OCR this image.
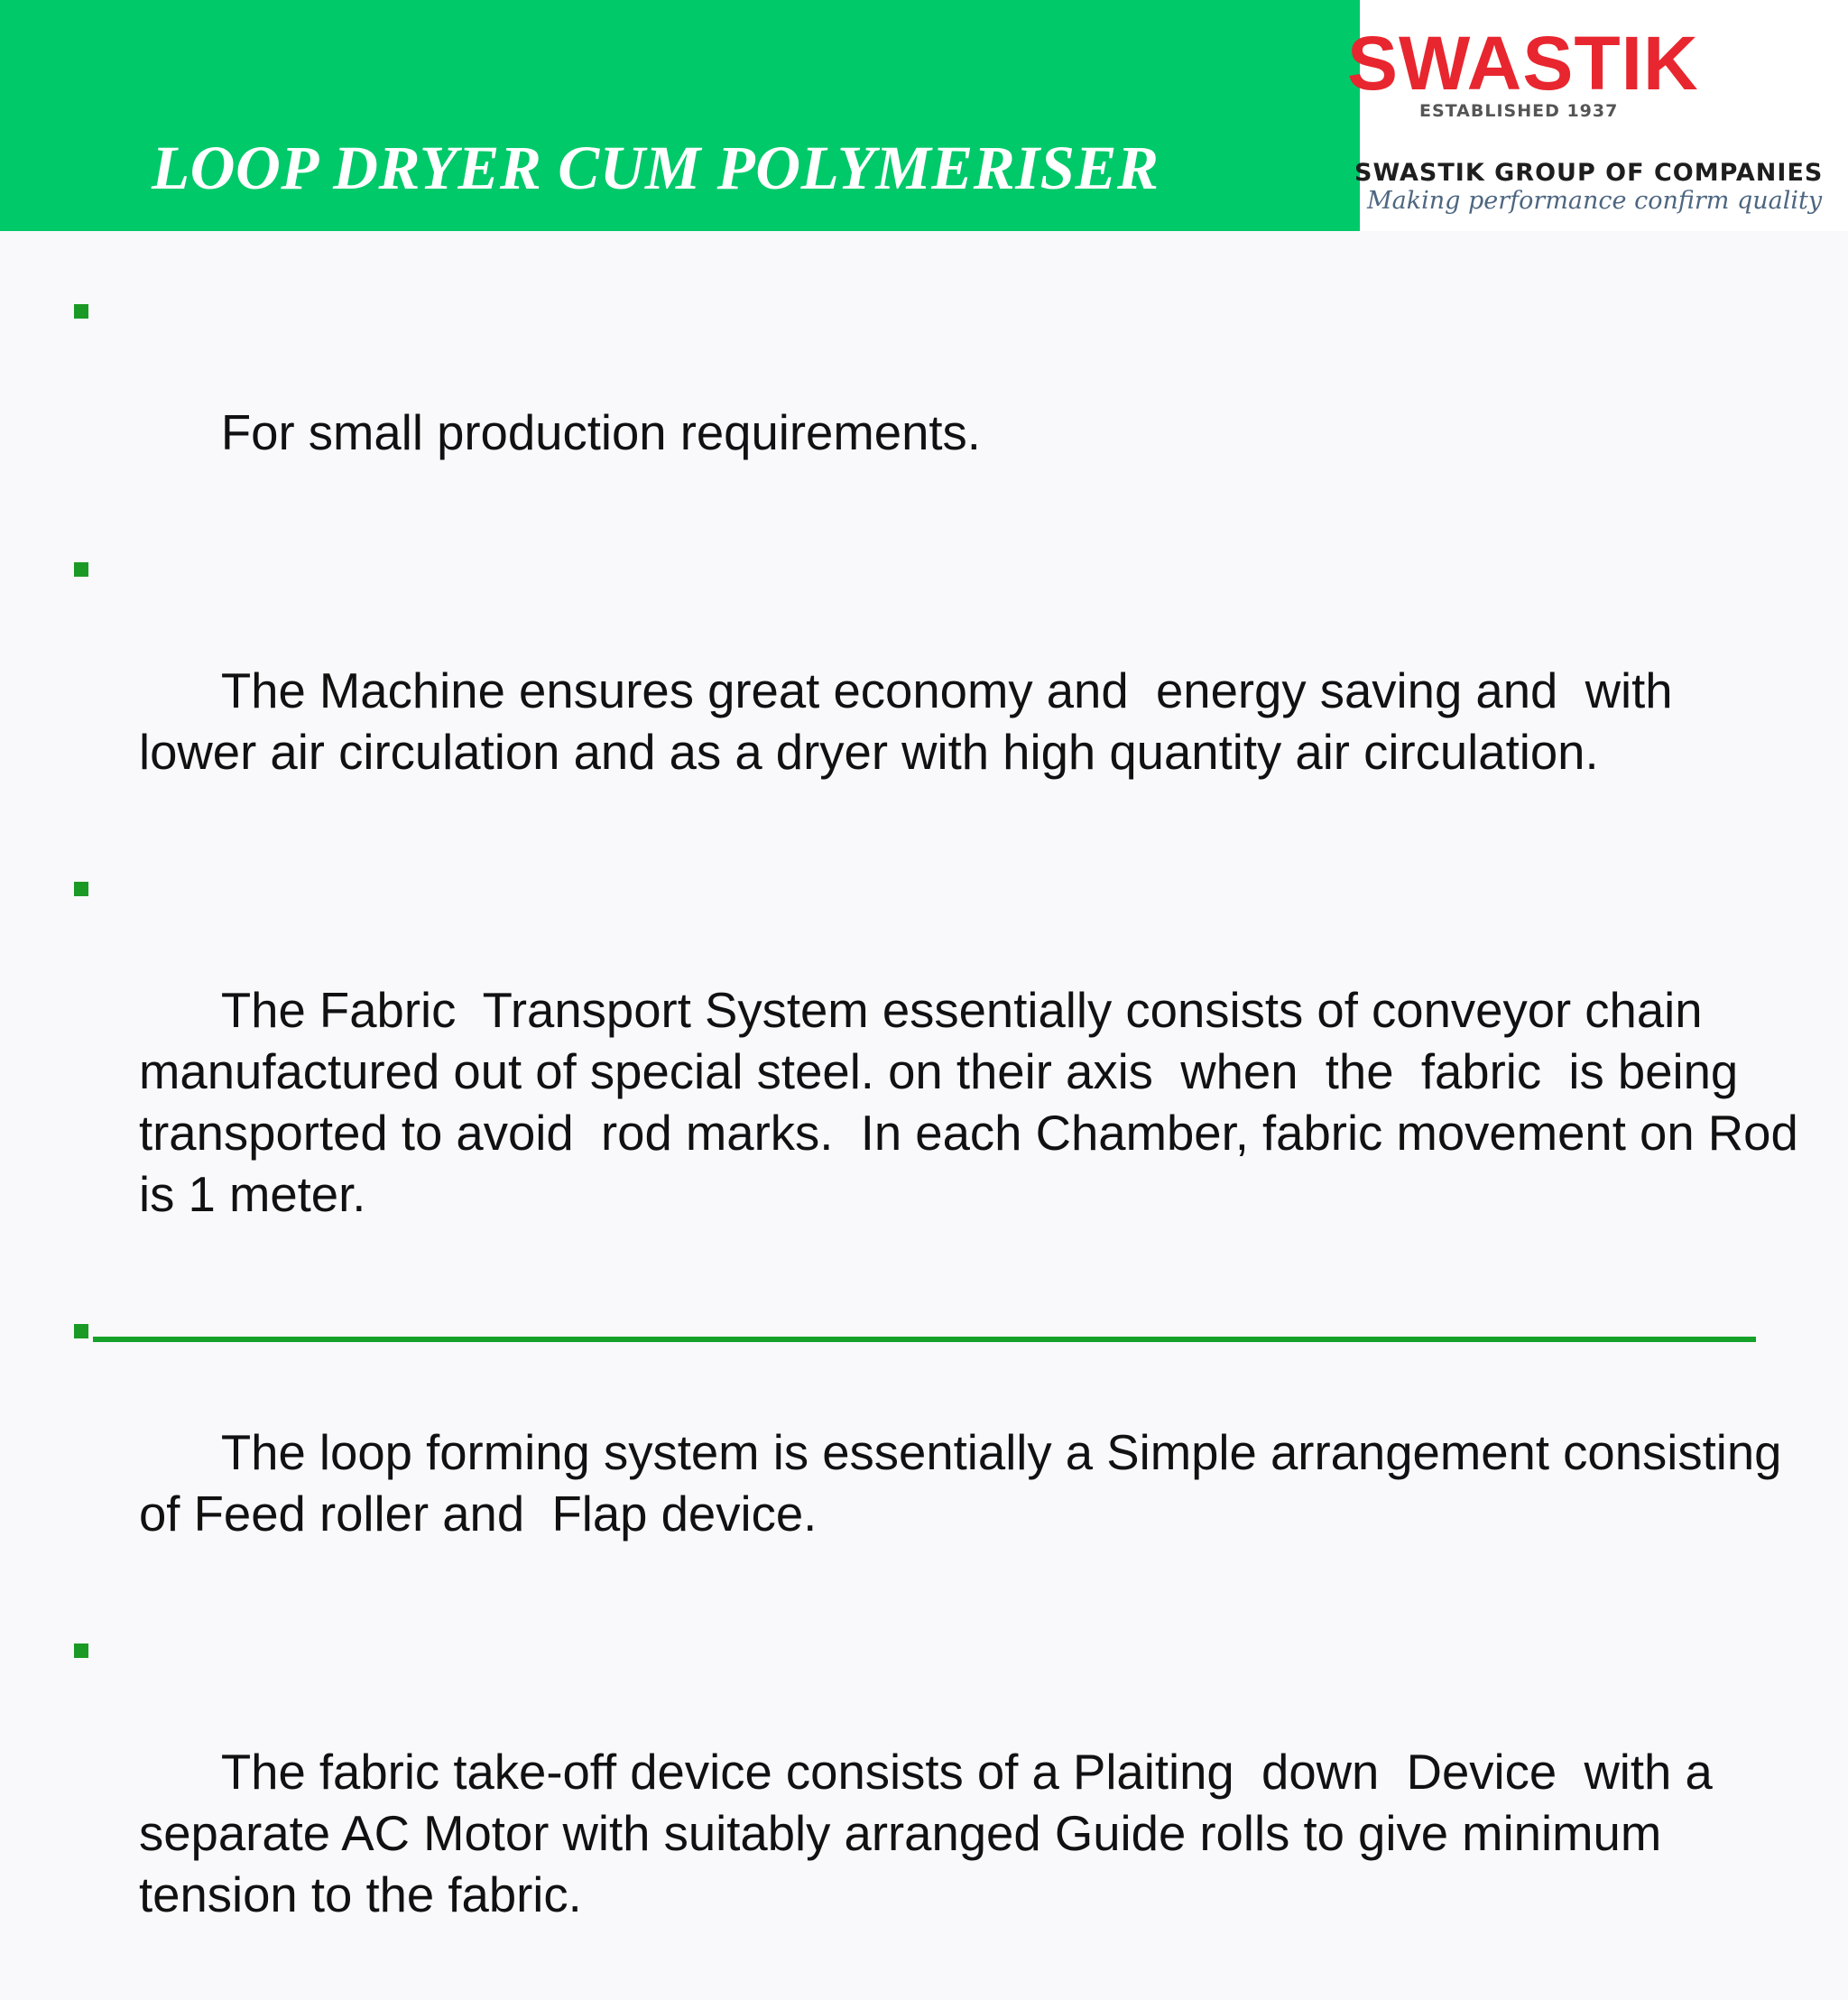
LOOP DRYER CUM POLYMERISER
SWASTIK
ESTABLISHED 1937
SWASTIK GROUP OF COMPANIES
Making performance confirm quality

For small production requirements.

The Machine ensures great economy and  energy saving and  with lower air circulation and as a dryer with high quantity air circulation.

The Fabric  Transport System essentially consists of conveyor chain manufactured out of special steel. on their axis  when  the  fabric  is being transported to avoid  rod marks.  In each Chamber, fabric movement on Rod  is 1 meter.

The loop forming system is essentially a Simple arrangement consisting of Feed roller and  Flap device.

The fabric take-off device consists of a Plaiting  down  Device  with a separate AC Motor with suitably arranged Guide rolls to give minimum tension to the fabric.
